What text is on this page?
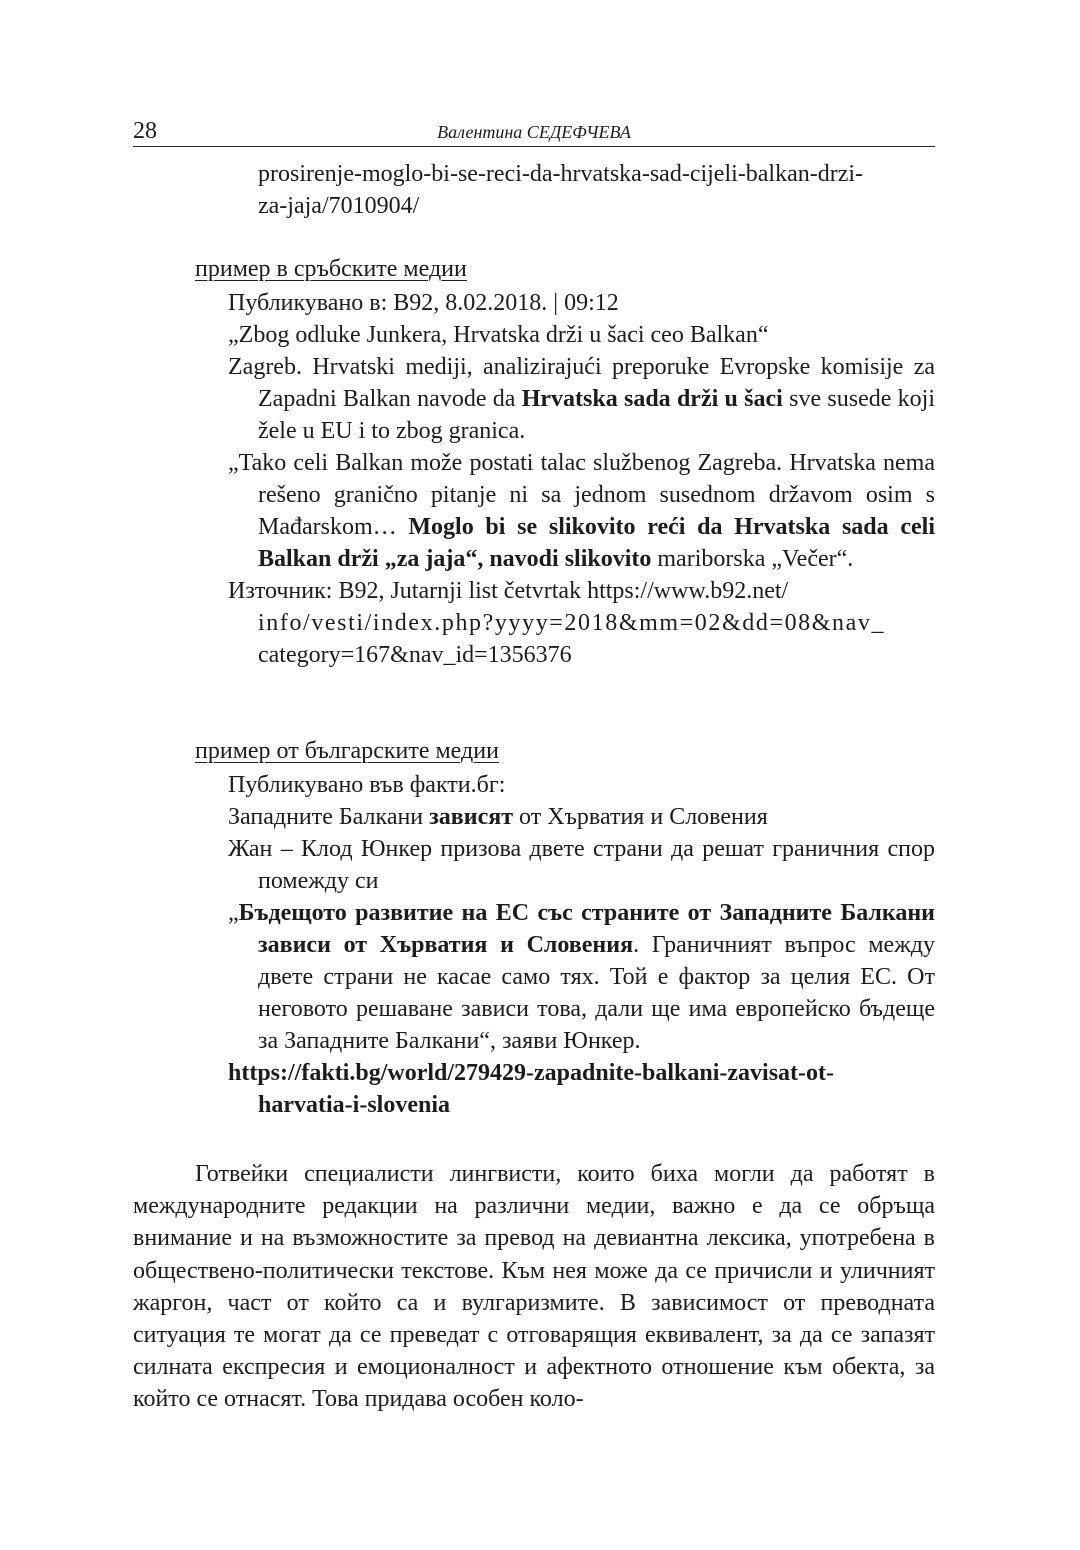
28	Валентина СЕДЕФЧЕВА
prosirenje-moglo-bi-se-reci-da-hrvatska-sad-cijeli-balkan-drzi-
za-jaja/7010904/
пример в сръбските медии
Публикувано в: B92, 8.02.2018. | 09:12
„Zbog odluke Junkera, Hrvatska drži u šaci ceo Balkan“
Zagreb. Hrvatski mediji, analizirajući preporuke Evropske komisije za Zapadni Balkan navode da Hrvatska sada drži u šaci sve susede koji žele u EU i to zbog granica.
„Tako celi Balkan može postati talac službenog Zagreba. Hrvatska nema rešeno granično pitanje ni sa jednom susednom državom osim s Mađarskom… Moglo bi se slikovito reći da Hrvatska sada celi Balkan drži „za jaja“, navodi slikovito mariborska „Večer“.
Източник: B92, Jutarnji list četvrtak https://www.b92.net/
info/vesti/index.php?yyyy=2018&mm=02&dd=08&nav_
category=167&nav_id=1356376
пример от българските медии
Публикувано във факти.бг:
Западните Балкани зависят от Хърватия и Словения
Жан – Клод Юнкер призова двете страни да решат граничния спор помежду си
„Бъдещото развитие на ЕС със страните от Западните Балкани зависи от Хърватия и Словения. Граничният въпрос между двете страни не касае само тях. Той е фактор за целия ЕС. От неговото решаване зависи това, дали ще има европейско бъдеще за Западните Балкани“, заяви Юнкер.
https://fakti.bg/world/279429-zapadnite-balkani-zavisat-ot-
harvatia-i-slovenia
Готвейки специалисти лингвисти, които биха могли да работят в международните редакции на различни медии, важно е да се обръща внимание и на възможностите за превод на девиантна лексика, употребена в обществено-политически текстове. Към нея може да се причисли и уличният жаргон, част от който са и вулгаризмите. В зависимост от преводната ситуация те могат да се преведат с отговарящия еквивалент, за да се запазят силната експресия и емоционалност и афектното отношение към обекта, за който се отнасят. Това придава особен коло-
